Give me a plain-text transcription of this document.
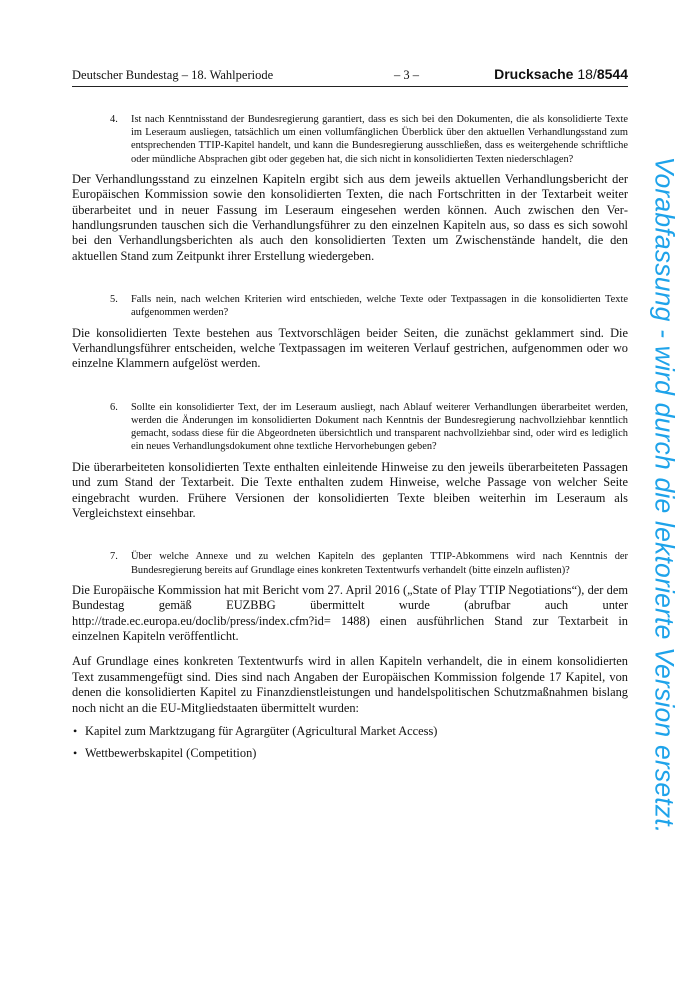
Deutscher Bundestag – 18. Wahlperiode	– 3 –	Drucksache 18/8544
4.	Ist nach Kenntnisstand der Bundesregierung garantiert, dass es sich bei den Dokumenten, die als konsolidierte Texte im Leseraum ausliegen, tatsächlich um einen vollumfänglichen Überblick über den aktuellen Verhandlungsstand zum entsprechenden TTIP-Kapitel handelt, und kann die Bundesregierung ausschließen, dass es weitergehende schriftliche oder mündliche Absprachen gibt oder gegeben hat, die sich nicht in konsolidierten Texten niederschlagen?

Der Verhandlungsstand zu einzelnen Kapiteln ergibt sich aus dem jeweils aktuellen Verhandlungsbericht der Europäischen Kommission sowie den konsolidierten Texten, die nach Fortschritten in der Textarbeit weiter überarbeitet und in neuer Fassung im Leseraum eingesehen werden können. Auch zwischen den Verhandlungsrunden tauschen sich die Verhandlungsführer zu den einzelnen Kapiteln aus, so dass es sich sowohl bei den Verhandlungsberichten als auch den konsolidierten Texten um Zwischenstände handelt, die den aktuellen Stand zum Zeitpunkt ihrer Erstellung wiedergeben.

5.	Falls nein, nach welchen Kriterien wird entschieden, welche Texte oder Textpassagen in die konsolidierten Texte aufgenommen werden?

Die konsolidierten Texte bestehen aus Textvorschlägen beider Seiten, die zunächst geklammert sind. Die Verhandlungsführer entscheiden, welche Textpassagen im weiteren Verlauf gestrichen, aufgenommen oder wo einzelne Klammern aufgelöst werden.

6.	Sollte ein konsolidierter Text, der im Leseraum ausliegt, nach Ablauf weiterer Verhandlungen überarbeitet werden, werden die Änderungen im konsolidierten Dokument nach Kenntnis der Bundesregierung nachvollziehbar kenntlich gemacht, sodass diese für die Abgeordneten übersichtlich und transparent nachvollziehbar sind, oder wird es lediglich ein neues Verhandlungsdokument ohne textliche Hervorhebungen geben?

Die überarbeiteten konsolidierten Texte enthalten einleitende Hinweise zu den jeweils überarbeiteten Passagen und zum Stand der Textarbeit. Die Texte enthalten zudem Hinweise, welche Passage von welcher Seite eingebracht wurden. Frühere Versionen der konsolidierten Texte bleiben weiterhin im Leseraum als Vergleichstext einsehbar.

7.	Über welche Annexe und zu welchen Kapiteln des geplanten TTIP-Abkommens wird nach Kenntnis der Bundesregierung bereits auf Grundlage eines konkreten Textentwurfs verhandelt (bitte einzeln auflisten)?

Die Europäische Kommission hat mit Bericht vom 27. April 2016 („State of Play TTIP Negotiations“), der dem Bundestag gemäß EUZBBG übermittelt wurde (abrufbar auch unter http://trade.ec.europa.eu/doclib/press/index.cfm?id= 1488) einen ausführlichen Stand zur Textarbeit in einzelnen Kapiteln veröffentlicht.

Auf Grundlage eines konkreten Textentwurfs wird in allen Kapiteln verhandelt, die in einem konsolidierten Text zusammengefügt sind. Dies sind nach Angaben der Europäischen Kommission folgende 17 Kapitel, von denen die konsolidierten Kapitel zu Finanzdienstleistungen und handelspolitischen Schutzmaßnahmen bislang noch nicht an die EU-Mitgliedstaaten übermittelt wurden:

• Kapitel zum Marktzugang für Agrargüter (Agricultural Market Access)
• Wettbewerbskapitel (Competition)	Vorabfassung - wird durch die lektorierte Version ersetzt.
